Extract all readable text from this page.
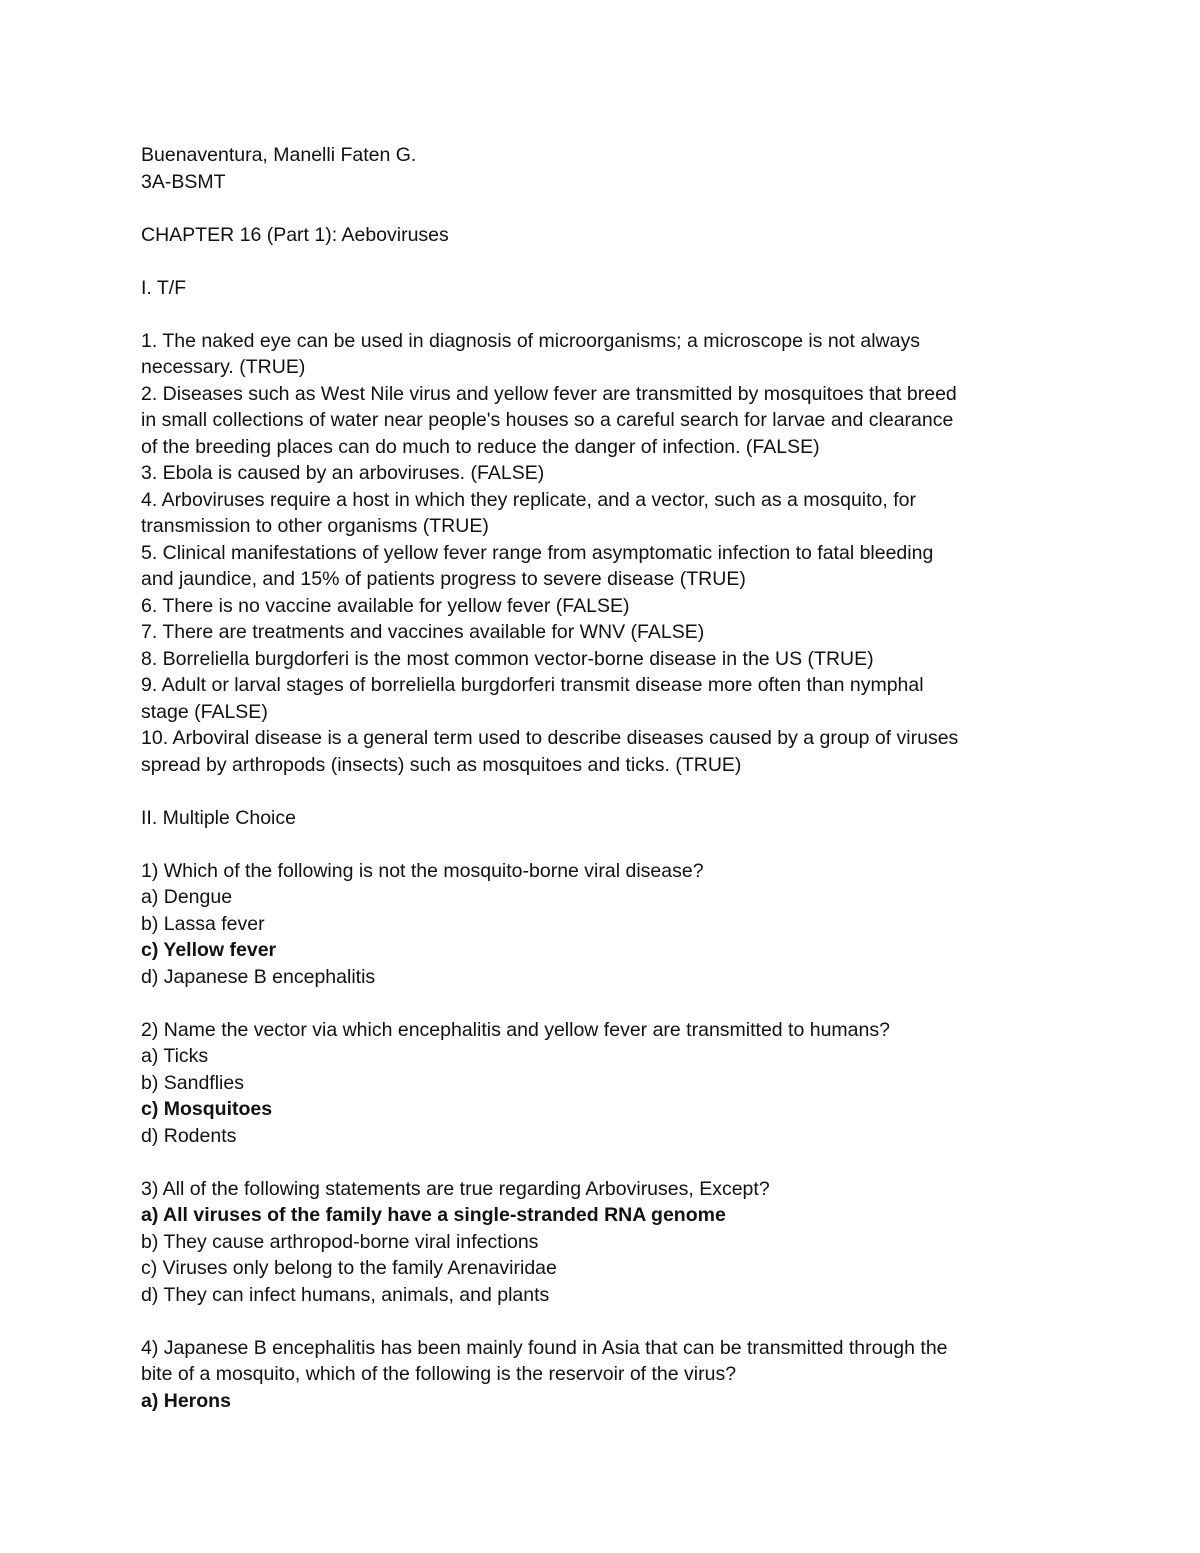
Buenaventura, Manelli Faten G.
3A-BSMT
CHAPTER 16 (Part 1): Aeboviruses
I. T/F
1. The naked eye can be used in diagnosis of microorganisms; a microscope is not always
necessary. (TRUE)
2. Diseases such as West Nile virus and yellow fever are transmitted by mosquitoes that breed
in small collections of water near people's houses so a careful search for larvae and clearance
of the breeding places can do much to reduce the danger of infection. (FALSE)
3. Ebola is caused by an arboviruses. (FALSE)
4. Arboviruses require a host in which they replicate, and a vector, such as a mosquito, for
transmission to other organisms (TRUE)
5. Clinical manifestations of yellow fever range from asymptomatic infection to fatal bleeding
and jaundice, and 15% of patients progress to severe disease (TRUE)
6. There is no vaccine available for yellow fever (FALSE)
7. There are treatments and vaccines available for WNV (FALSE)
8. Borreliella burgdorferi is the most common vector-borne disease in the US (TRUE)
9. Adult or larval stages of borreliella burgdorferi transmit disease more often than nymphal
stage (FALSE)
10. Arboviral disease is a general term used to describe diseases caused by a group of viruses
spread by arthropods (insects) such as mosquitoes and ticks. (TRUE)
II. Multiple Choice
1) Which of the following is not the mosquito-borne viral disease?
a) Dengue
b) Lassa fever
c) Yellow fever
d) Japanese B encephalitis
2) Name the vector via which encephalitis and yellow fever are transmitted to humans?
a) Ticks
b) Sandflies
c) Mosquitoes
d) Rodents
3) All of the following statements are true regarding Arboviruses, Except?
a) All viruses of the family have a single-stranded RNA genome
b) They cause arthropod-borne viral infections
c) Viruses only belong to the family Arenaviridae
d) They can infect humans, animals, and plants
4) Japanese B encephalitis has been mainly found in Asia that can be transmitted through the
bite of a mosquito, which of the following is the reservoir of the virus?
a) Herons
